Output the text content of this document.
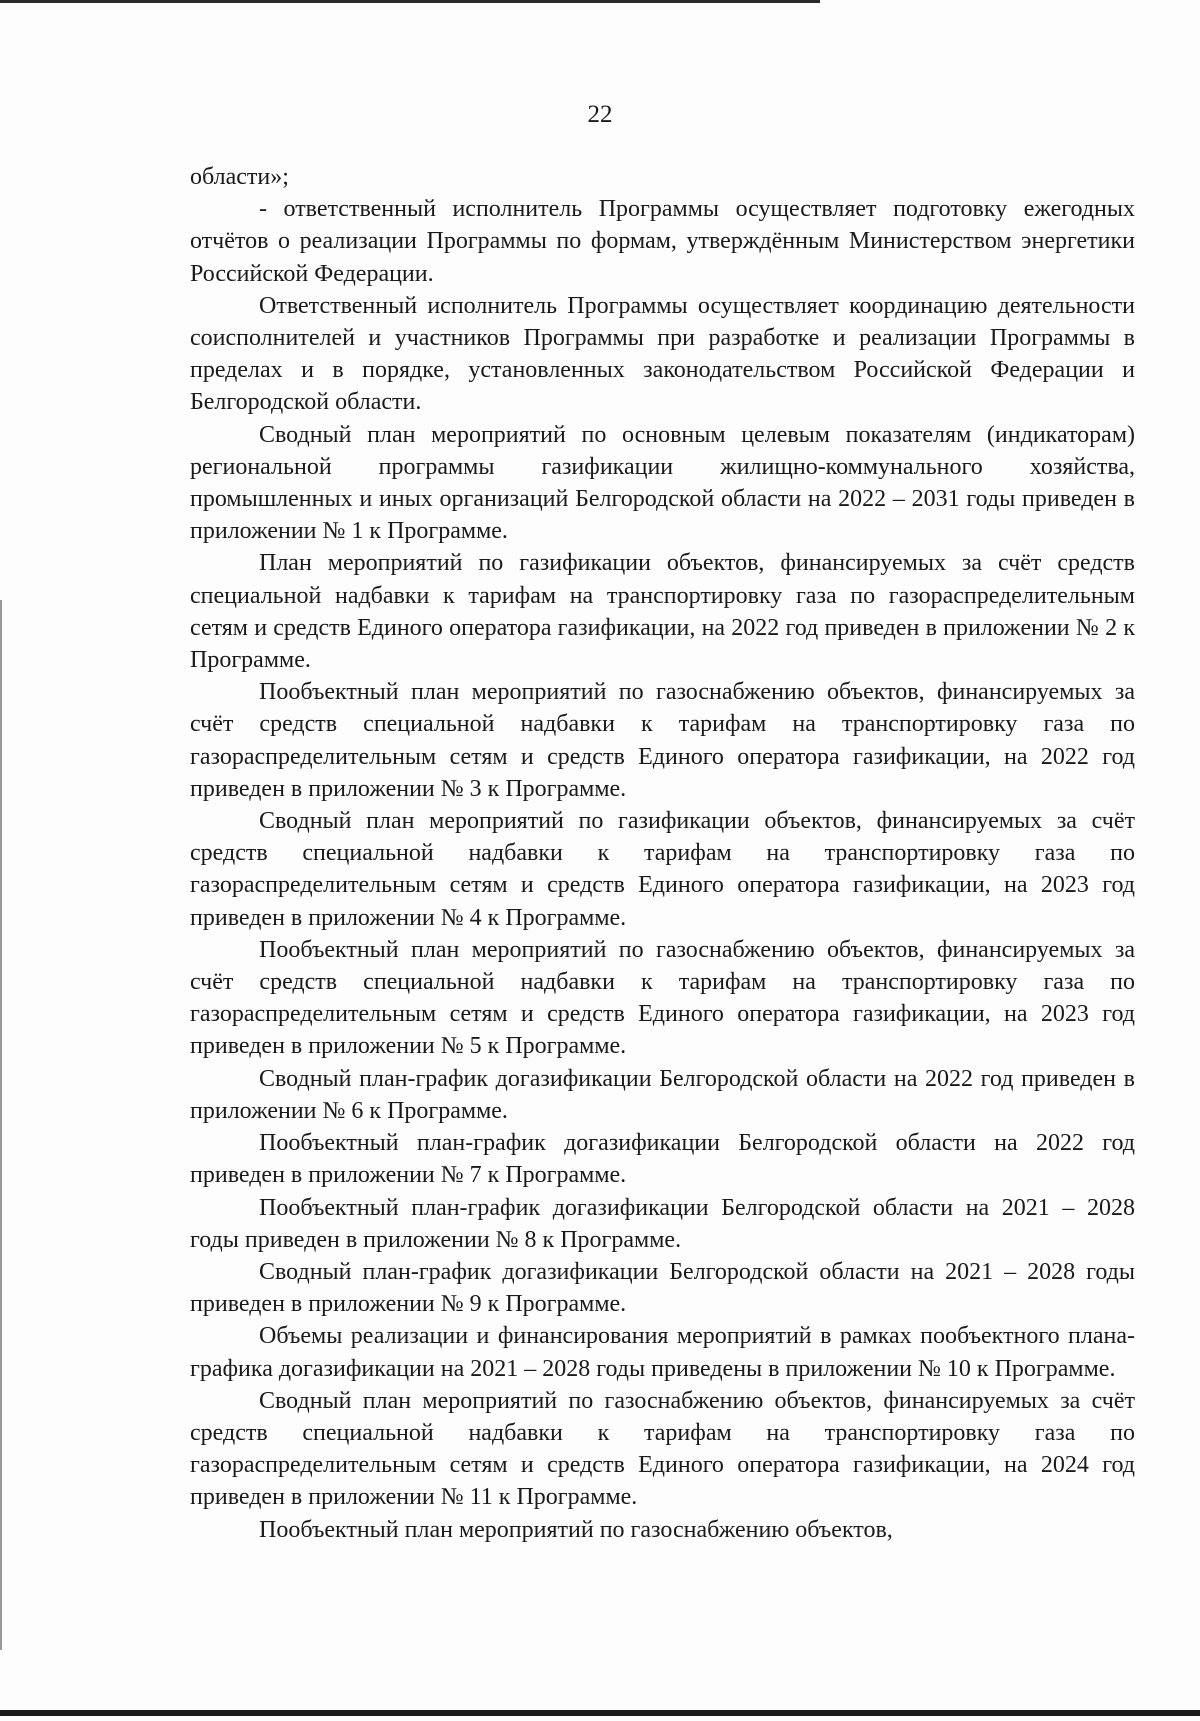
22

области»;

- ответственный исполнитель Программы осуществляет подготовку ежегодных отчётов о реализации Программы по формам, утверждённым Министерством энергетики Российской Федерации.

Ответственный исполнитель Программы осуществляет координацию деятельности соисполнителей и участников Программы при разработке и реализации Программы в пределах и в порядке, установленных законодательством Российской Федерации и Белгородской области.

Сводный план мероприятий по основным целевым показателям (индикаторам) региональной программы газификации жилищно-коммунального хозяйства, промышленных и иных организаций Белгородской области на 2022 – 2031 годы приведен в приложении № 1 к Программе.

План мероприятий по газификации объектов, финансируемых за счёт средств специальной надбавки к тарифам на транспортировку газа по газораспределительным сетям и средств Единого оператора газификации, на 2022 год приведен в приложении № 2 к Программе.

Пообъектный план мероприятий по газоснабжению объектов, финансируемых за счёт средств специальной надбавки к тарифам на транспортировку газа по газораспределительным сетям и средств Единого оператора газификации, на 2022 год приведен в приложении № 3 к Программе.

Сводный план мероприятий по газификации объектов, финансируемых за счёт средств специальной надбавки к тарифам на транспортировку газа по газораспределительным сетям и средств Единого оператора газификации, на 2023 год приведен в приложении № 4 к Программе.

Пообъектный план мероприятий по газоснабжению объектов, финансируемых за счёт средств специальной надбавки к тарифам на транспортировку газа по газораспределительным сетям и средств Единого оператора газификации, на 2023 год приведен в приложении № 5 к Программе.

Сводный план-график догазификации Белгородской области на 2022 год приведен в приложении № 6 к Программе.

Пообъектный план-график догазификации Белгородской области на 2022 год приведен в приложении № 7 к Программе.

Пообъектный план-график догазификации Белгородской области на 2021 – 2028 годы приведен в приложении № 8 к Программе.

Сводный план-график догазификации Белгородской области на 2021 – 2028 годы приведен в приложении № 9 к Программе.

Объемы реализации и финансирования мероприятий в рамках пообъектного плана-графика догазификации на 2021 – 2028 годы приведены в приложении № 10 к Программе.

Сводный план мероприятий по газоснабжению объектов, финансируемых за счёт средств специальной надбавки к тарифам на транспортировку газа по газораспределительным сетям и средств Единого оператора газификации, на 2024 год приведен в приложении № 11 к Программе.

Пообъектный план мероприятий по газоснабжению объектов,
